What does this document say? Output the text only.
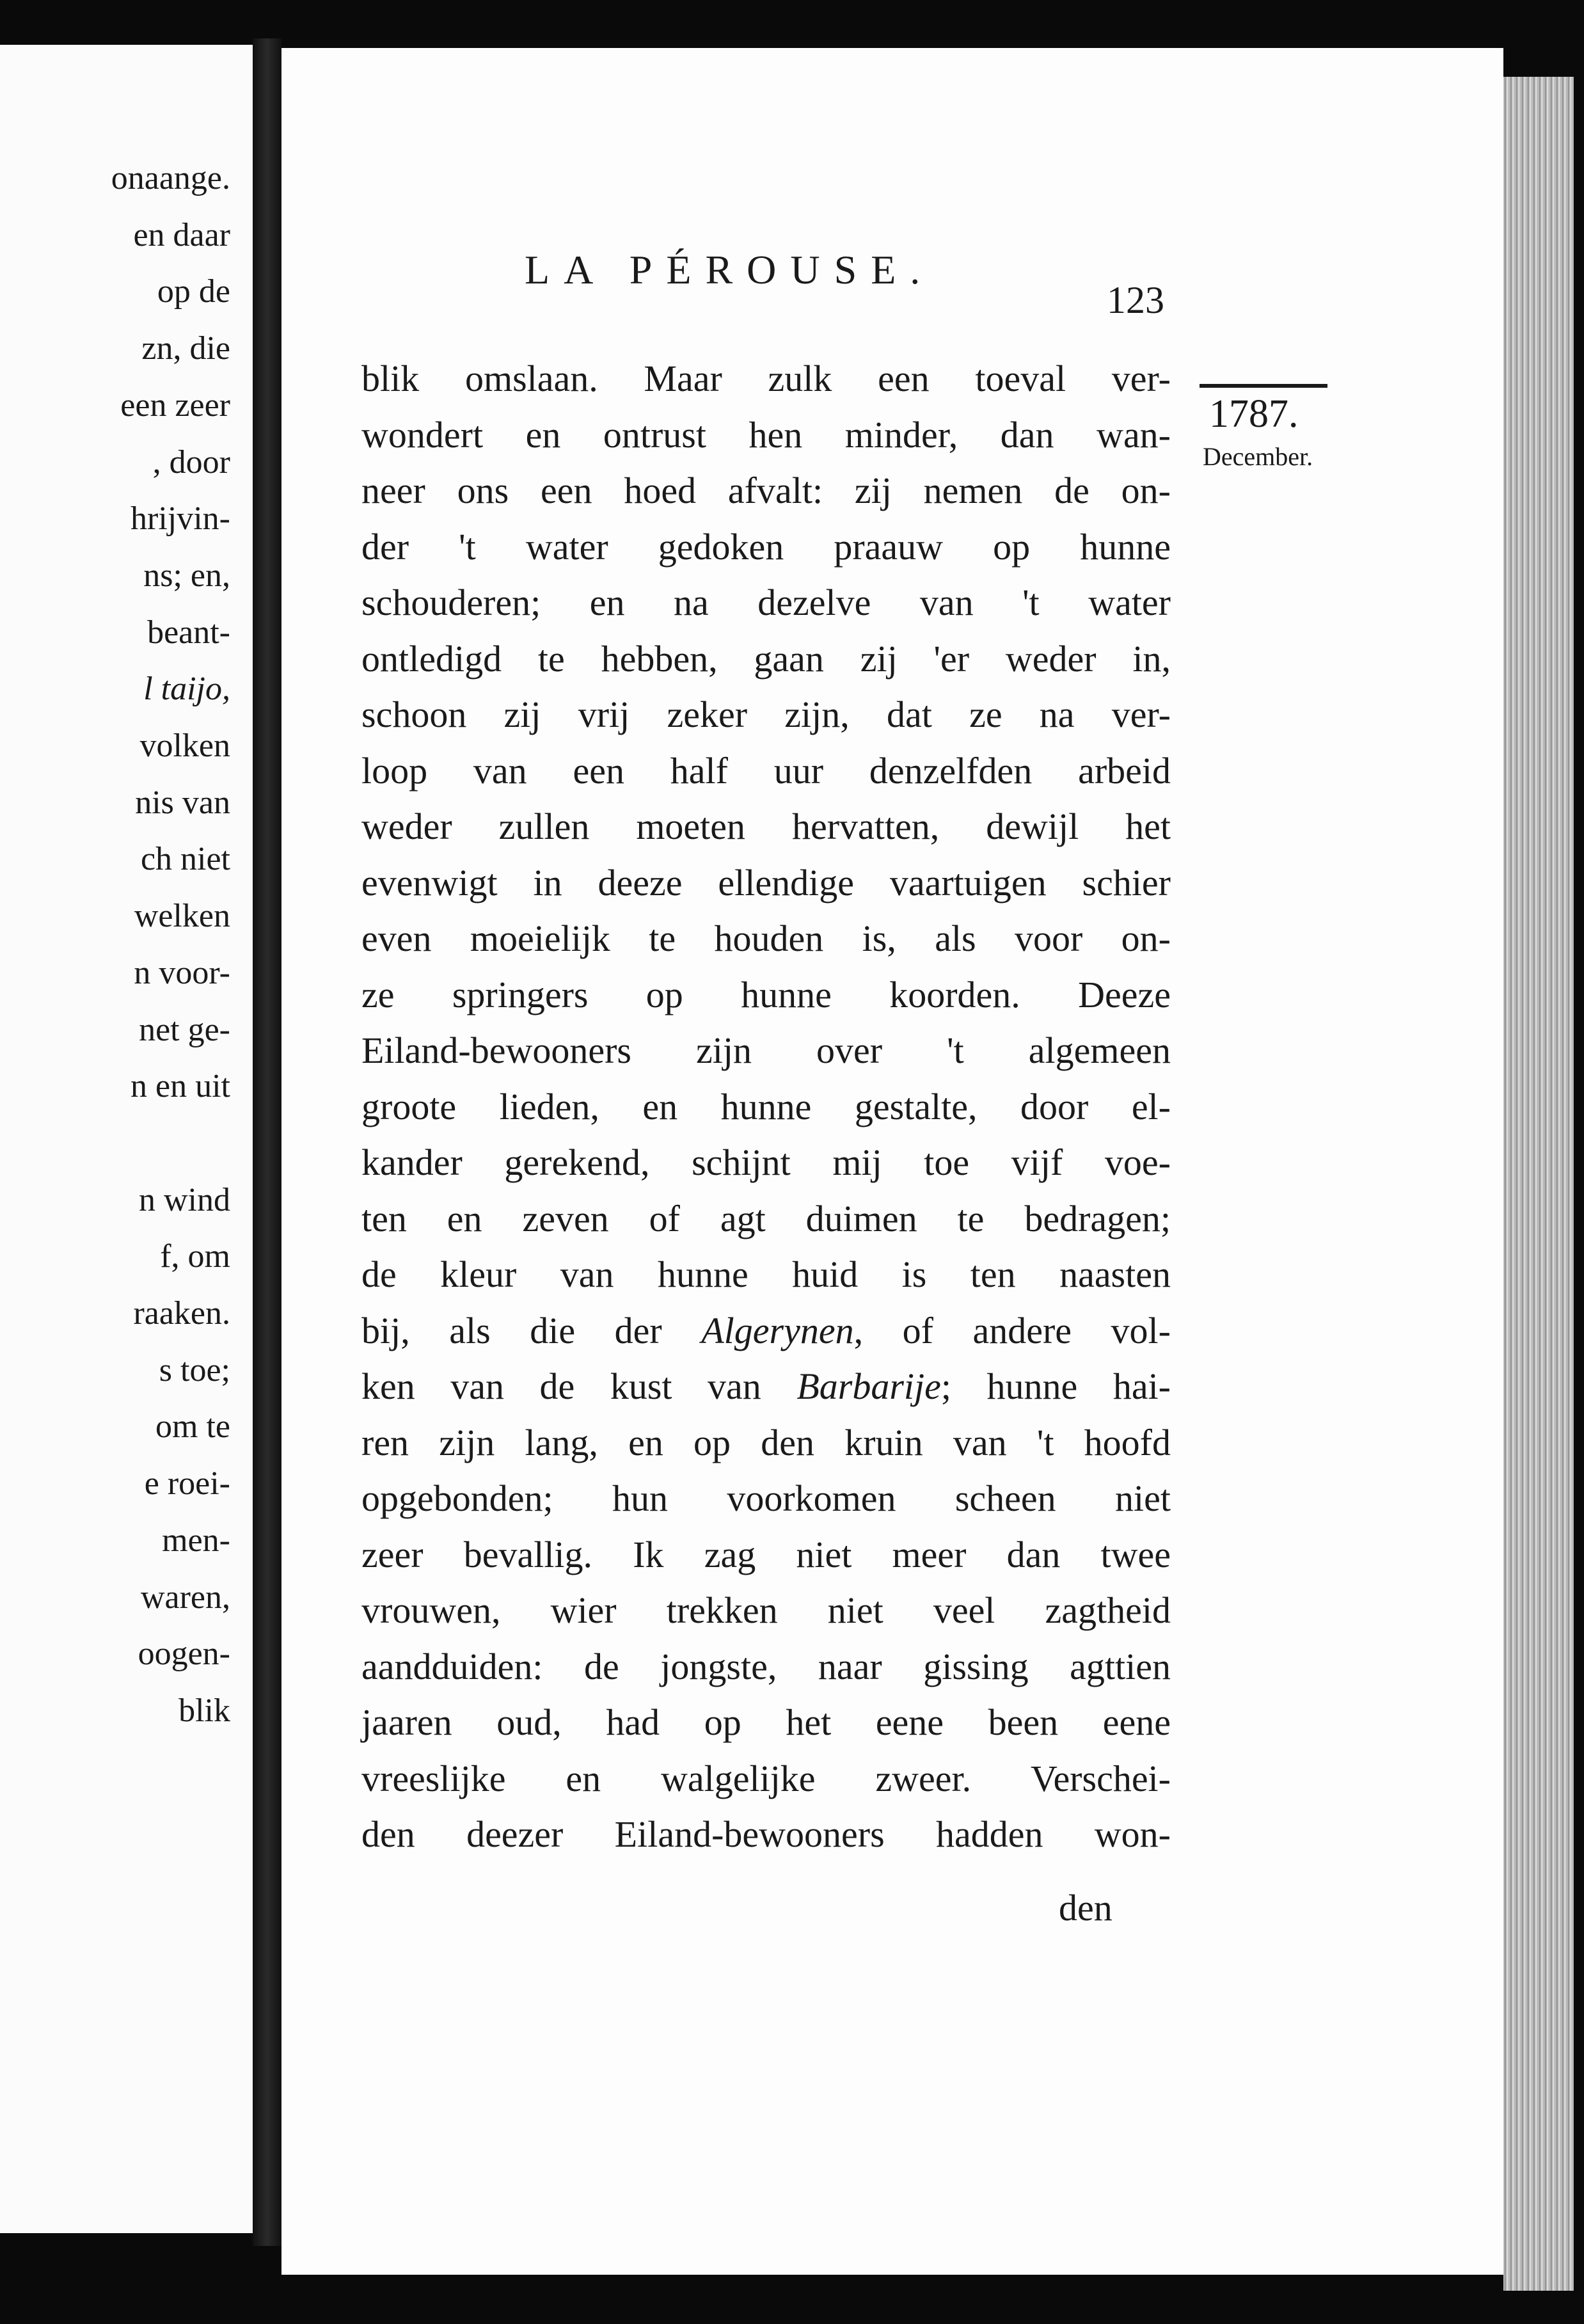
onaange.
en daar
op de
zn, die
een zeer
, door
hrijvin-
ns; en,
beant-
l taijo,
volken
nis van
ch niet
welken
n voor-
net ge-
n en uit
n wind
f, om
raaken.
s toe;
om te
e roei-
men-
waren,
oogen-
blik
LA PÉROUSE.
123
1787.
December.
blik omslaan. Maar zulk een toeval ver-
wondert en ontrust hen minder, dan wan-
neer ons een hoed afvalt: zij nemen de on-
der 't water gedoken praauw op hunne
schouderen; en na dezelve van 't water
ontledigd te hebben, gaan zij 'er weder in,
schoon zij vrij zeker zijn, dat ze na ver-
loop van een half uur denzelfden arbeid
weder zullen moeten hervatten, dewijl het
evenwigt in deeze ellendige vaartuigen schier
even moeielijk te houden is, als voor on-
ze springers op hunne koorden. Deeze
Eiland-bewooners zijn over 't algemeen
groote lieden, en hunne gestalte, door el-
kander gerekend, schijnt mij toe vijf voe-
ten en zeven of agt duimen te bedragen;
de kleur van hunne huid is ten naasten
bij, als die der Algerynen, of andere vol-
ken van de kust van Barbarije; hunne hai-
ren zijn lang, en op den kruin van 't hoofd
opgebonden; hun voorkomen scheen niet
zeer bevallig. Ik zag niet meer dan twee
vrouwen, wier trekken niet veel zagtheid
aandduiden: de jongste, naar gissing agttien
jaaren oud, had op het eene been eene
vreeslijke en walgelijke zweer. Verschei-
den deezer Eiland-bewooners hadden won-
den
